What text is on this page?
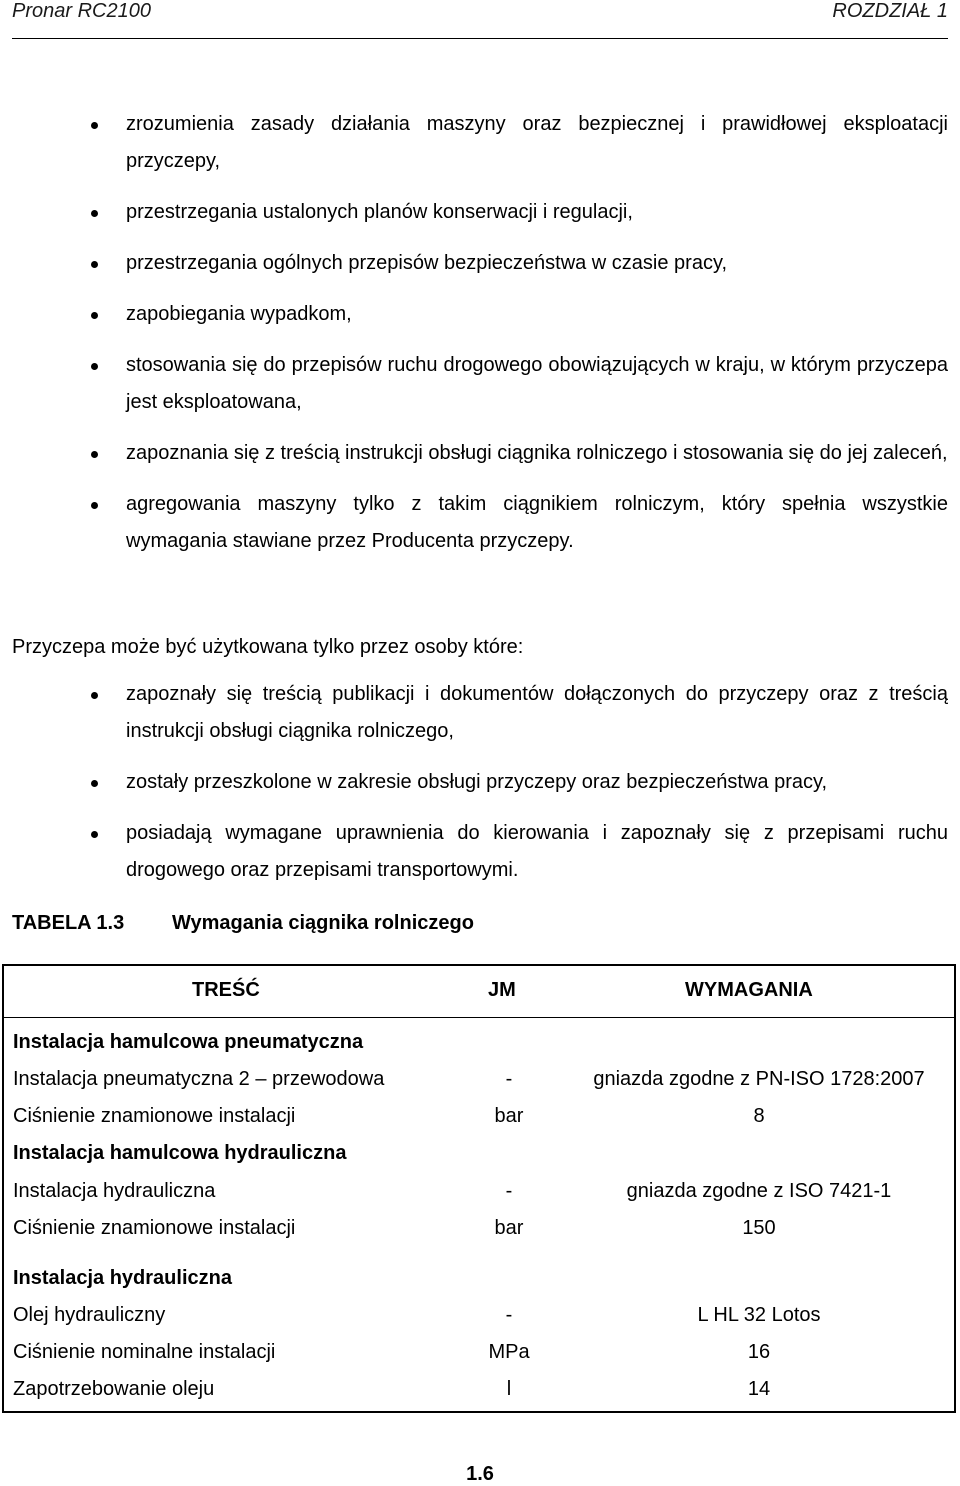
Pronar RC2100	ROZDZIAŁ 1
zrozumienia zasady działania maszyny oraz bezpiecznej i prawidłowej eksploatacji przyczepy,
przestrzegania ustalonych planów konserwacji i regulacji,
przestrzegania ogólnych przepisów bezpieczeństwa w czasie pracy,
zapobiegania wypadkom,
stosowania się do przepisów ruchu drogowego obowiązujących w kraju, w którym przyczepa jest eksploatowana,
zapoznania się z treścią instrukcji obsługi ciągnika rolniczego i stosowania się do jej zaleceń,
agregowania maszyny tylko z takim ciągnikiem rolniczym, który spełnia wszystkie wymagania stawiane przez Producenta przyczepy.
Przyczepa może być użytkowana tylko przez osoby które:
zapoznały się treścią publikacji i dokumentów dołączonych do przyczepy oraz z treścią instrukcji obsługi ciągnika rolniczego,
zostały przeszkolone w zakresie obsługi przyczepy oraz bezpieczeństwa pracy,
posiadają wymagane uprawnienia do kierowania i zapoznały się z przepisami ruchu drogowego oraz przepisami transportowymi.
TABELA 1.3 Wymagania ciągnika rolniczego
TREŚĆ	JM	WYMAGANIA
Instalacja hamulcowa pneumatyczna
Instalacja pneumatyczna 2 – przewodowa	-	gniazda zgodne z PN-ISO 1728:2007
Ciśnienie znamionowe instalacji	bar	8
Instalacja hamulcowa hydrauliczna
Instalacja hydrauliczna	-	gniazda zgodne z ISO 7421-1
Ciśnienie znamionowe instalacji	bar	150
Instalacja hydrauliczna
Olej hydrauliczny	-	L HL 32 Lotos
Ciśnienie nominalne instalacji	MPa	16
Zapotrzebowanie oleju	l	14
1.6
